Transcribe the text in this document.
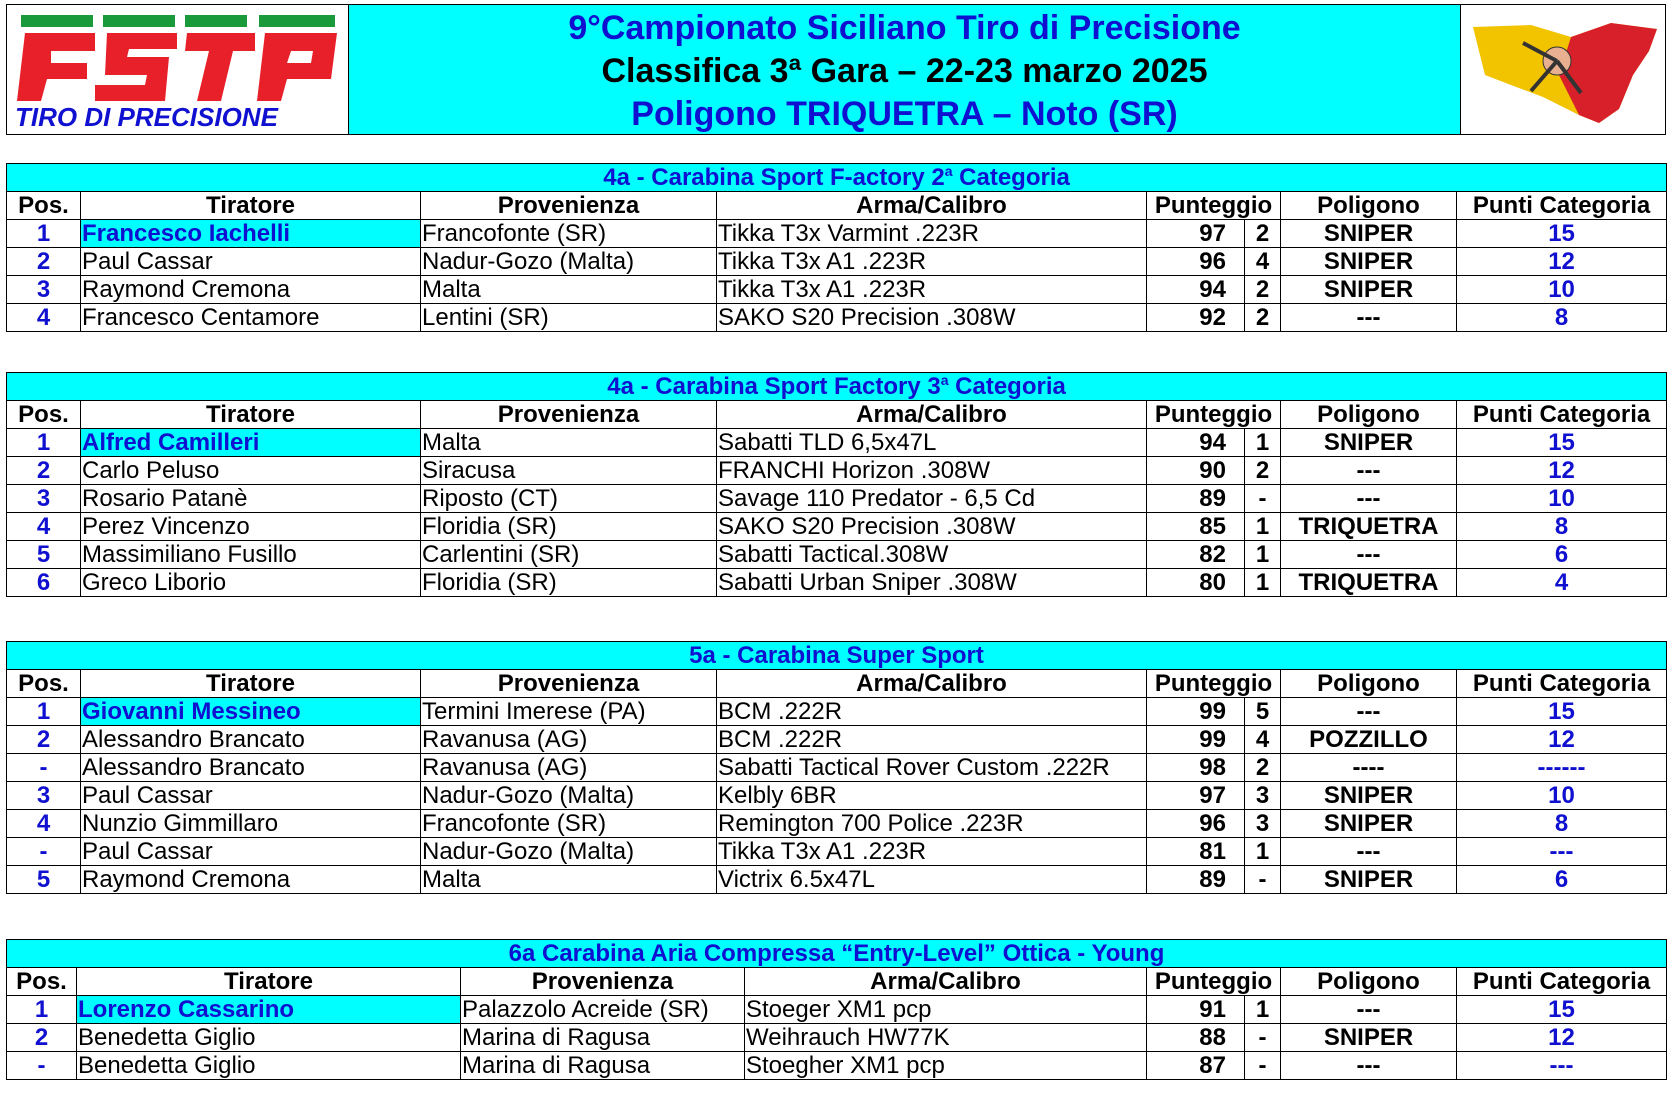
TIRO DI PRECISIONE
9°Campionato Siciliano Tiro di Precisione
Classifica 3ª Gara – 22-23 marzo 2025
Poligono TRIQUETRA – Noto (SR)
4a - Carabina Sport F-actory 2$^a$ Categoria							
Pos.	Tiratore	Provenienza	Arma/Calibro	Punteggio		Poligono	Punti Categoria
1	Francesco Iachelli	Francofonte (SR)	Tikka T3x Varmint .223R	97	2	SNIPER	15
2	Paul Cassar	Nadur-Gozo (Malta)	Tikka T3x A1 .223R	96	4	SNIPER	12
3	Raymond Cremona	Malta	Tikka T3x A1 .223R	94	2	SNIPER	10
4	Francesco Centamore	Lentini (SR)	SAKO S20 Precision .308W	92	2	---	8
4a - Carabina Sport Factory 3$^a$ Categoria							
Pos.	Tiratore	Provenienza	Arma/Calibro	Punteggio		Poligono	Punti Categoria
1	Alfred Camilleri	Malta	Sabatti TLD 6,5x47L	94	1	SNIPER	15
2	Carlo Peluso	Siracusa	FRANCHI Horizon .308W	90	2	---	12
3	Rosario Patanè	Riposto (CT)	Savage 110 Predator - 6,5 Cd	89	-	---	10
4	Perez Vincenzo	Floridia (SR)	SAKO S20 Precision .308W	85	1	TRIQUETRA	8
5	Massimiliano Fusillo	Carlentini (SR)	Sabatti Tactical.308W	82	1	---	6
6	Greco Liborio	Floridia (SR)	Sabatti Urban Sniper .308W	80	1	TRIQUETRA	4
5a - Carabina Super Sport							
Pos.	Tiratore	Provenienza	Arma/Calibro	Punteggio		Poligono	Punti Categoria
1	Giovanni Messineo	Termini Imerese (PA)	BCM .222R	99	5	---	15
2	Alessandro Brancato	Ravanusa (AG)	BCM .222R	99	4	POZZILLO	12
-	Alessandro Brancato	Ravanusa (AG)	Sabatti Tactical Rover Custom .222R	98	2	----	------
3	Paul Cassar	Nadur-Gozo (Malta)	Kelbly 6BR	97	3	SNIPER	10
4	Nunzio Gimmillaro	Francofonte (SR)	Remington 700 Police .223R	96	3	SNIPER	8
-	Paul Cassar	Nadur-Gozo (Malta)	Tikka T3x A1 .223R	81	1	---	---
5	Raymond Cremona	Malta	Victrix 6.5x47L	89	-	SNIPER	6
6a Carabina Aria Compressa “Entry-Level” Ottica - Young							
Pos.	Tiratore	Provenienza	Arma/Calibro	Punteggio		Poligono	Punti Categoria
1	Lorenzo Cassarino	Palazzolo Acreide (SR)	Stoeger XM1 pcp	91	1	---	15
2	Benedetta Giglio	Marina di Ragusa	Weihrauch HW77K	88	-	SNIPER	12
-	Benedetta Giglio	Marina di Ragusa	Stoegher XM1 pcp	87	-	---	---
